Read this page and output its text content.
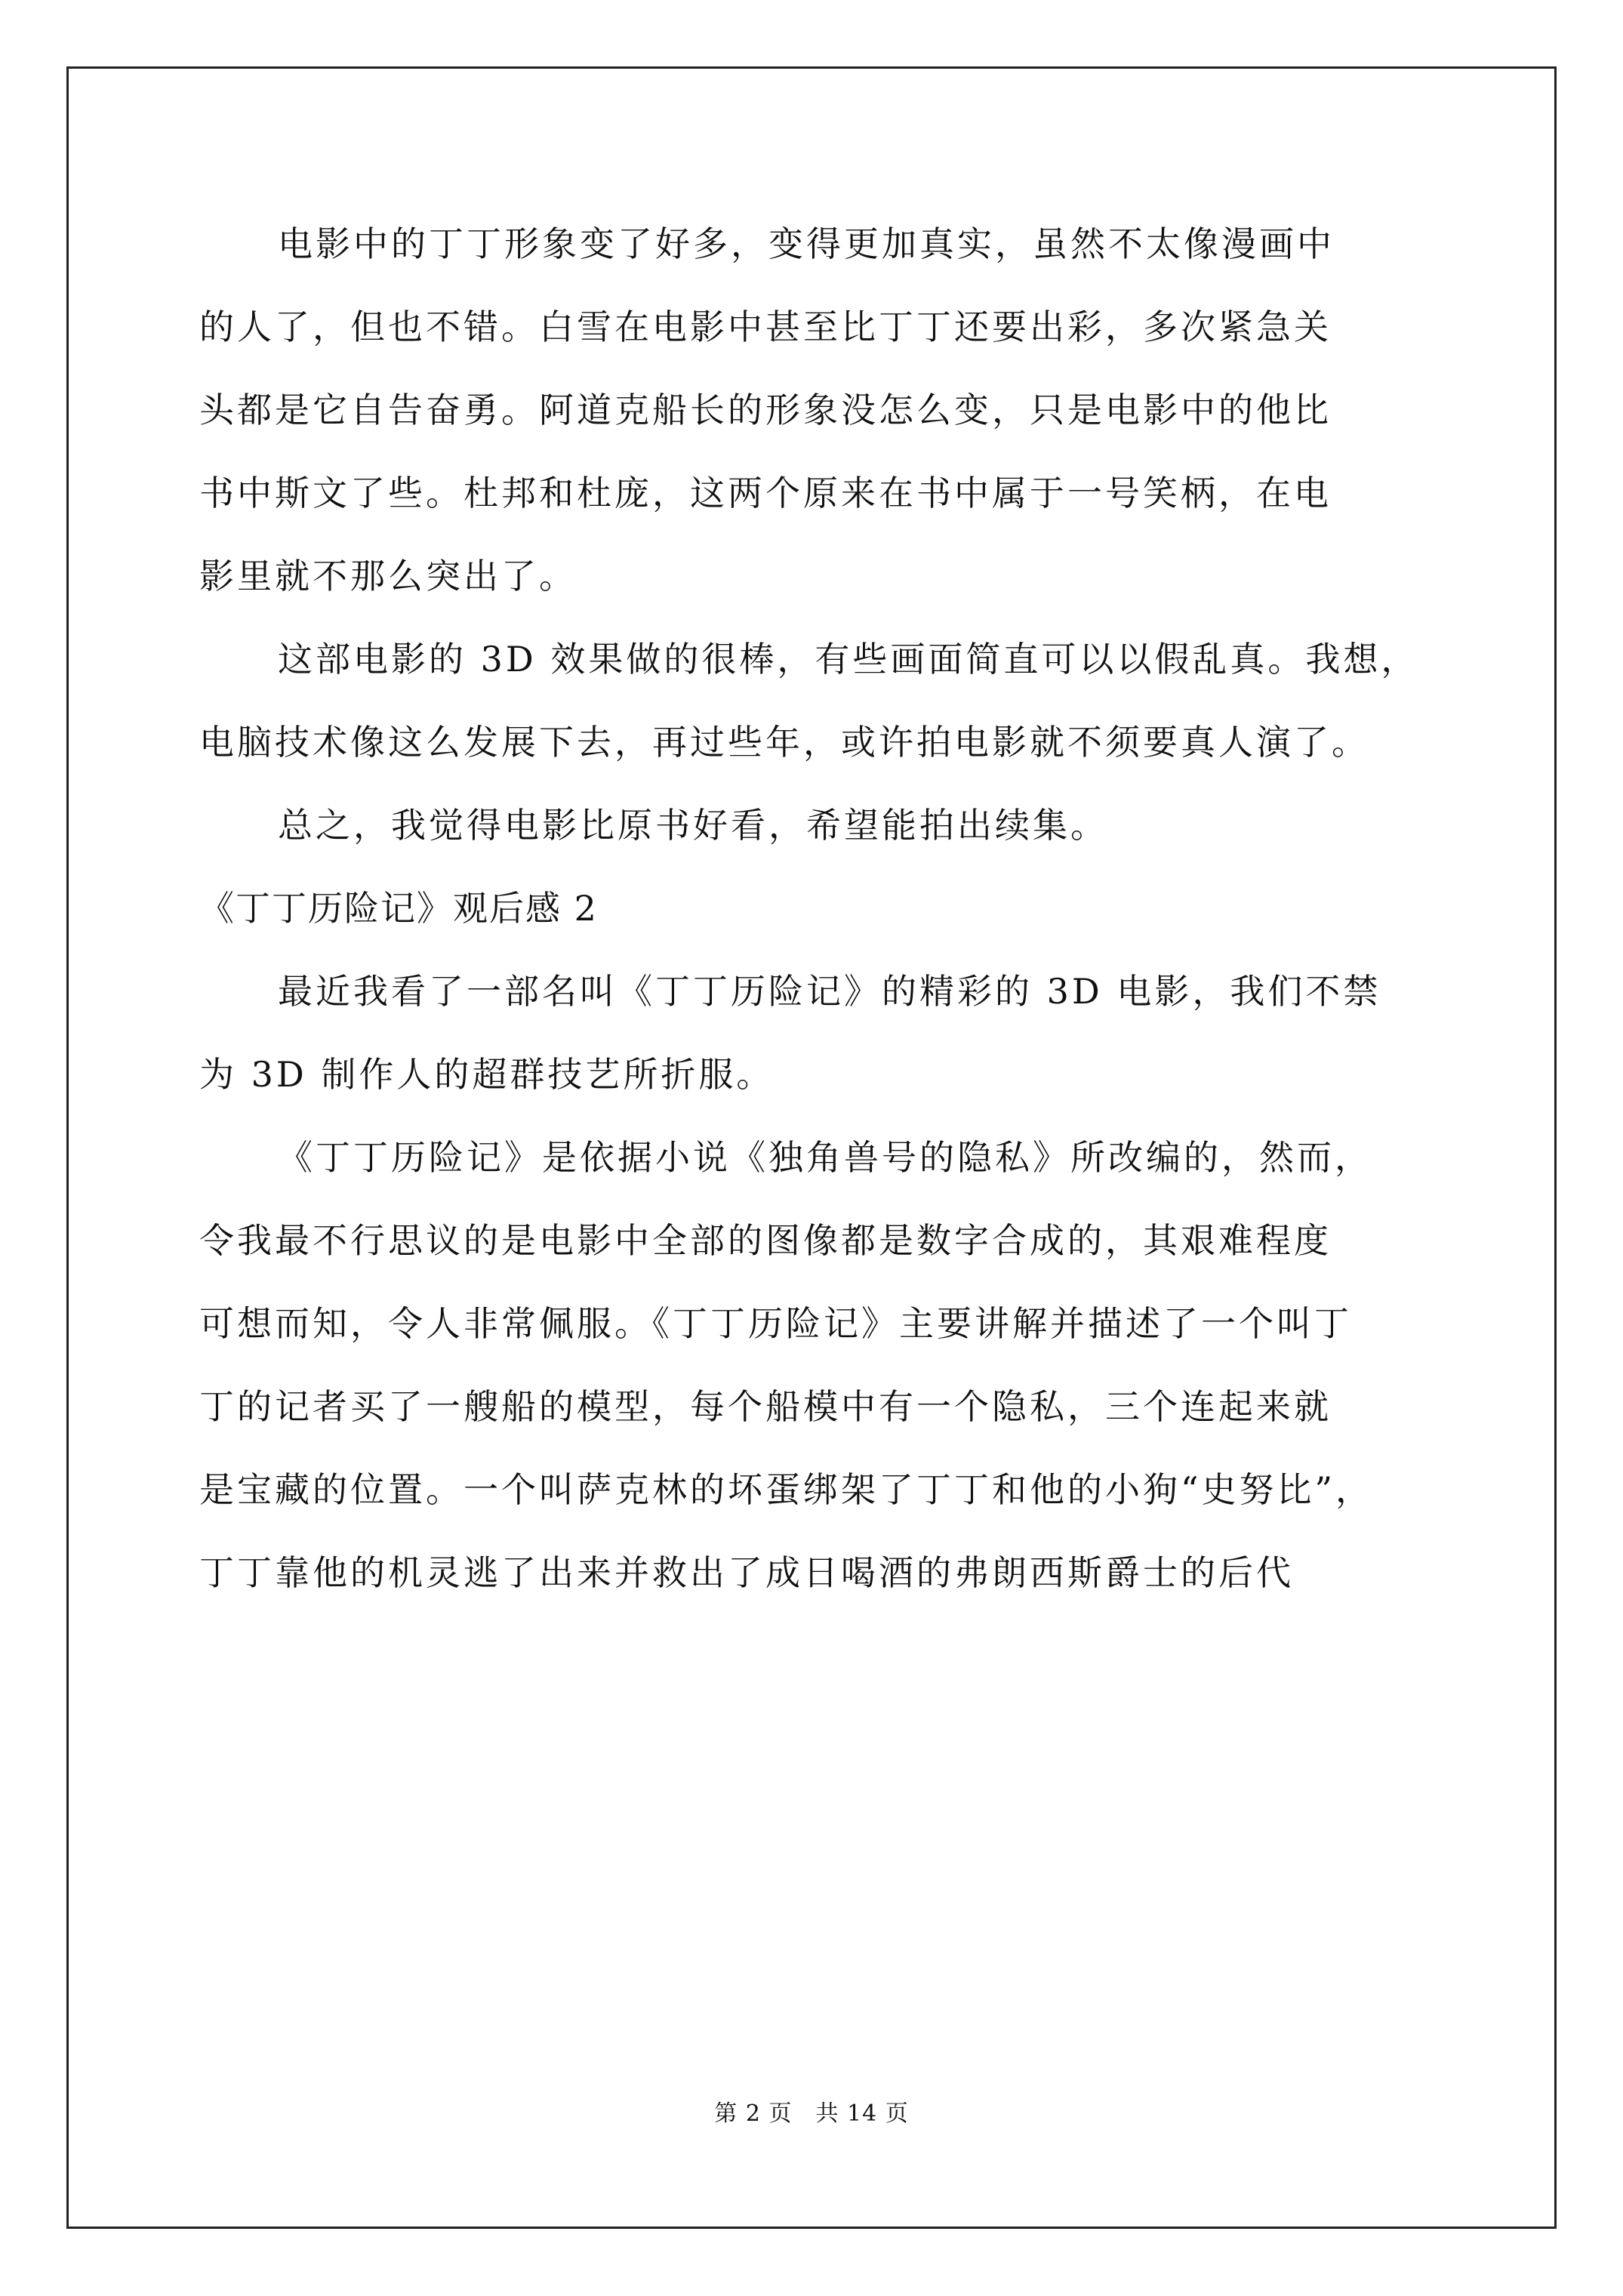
电影中的丁丁形象变了好多，变得更加真实，虽然不太像漫画中
的人了，但也不错。白雪在电影中甚至比丁丁还要出彩，多次紧急关
头都是它自告奋勇。阿道克船长的形象没怎么变，只是电影中的他比
书中斯文了些。杜邦和杜庞，这两个原来在书中属于一号笑柄，在电
影里就不那么突出了。
这部电影的 3D 效果做的很棒，有些画面简直可以以假乱真。我想，
电脑技术像这么发展下去，再过些年，或许拍电影就不须要真人演了。
总之，我觉得电影比原书好看，希望能拍出续集。
《丁丁历险记》观后感 2
最近我看了一部名叫《丁丁历险记》的精彩的 3D 电影，我们不禁
为 3D 制作人的超群技艺所折服。
《丁丁历险记》是依据小说《独角兽号的隐私》所改编的，然而，
令我最不行思议的是电影中全部的图像都是数字合成的，其艰难程度
可想而知，令人非常佩服。《丁丁历险记》主要讲解并描述了一个叫丁
丁的记者买了一艘船的模型，每个船模中有一个隐私，三个连起来就
是宝藏的位置。一个叫萨克林的坏蛋绑架了丁丁和他的小狗“史努比”，
丁丁靠他的机灵逃了出来并救出了成日喝酒的弗朗西斯爵士的后代
第 2 页　共 14 页
